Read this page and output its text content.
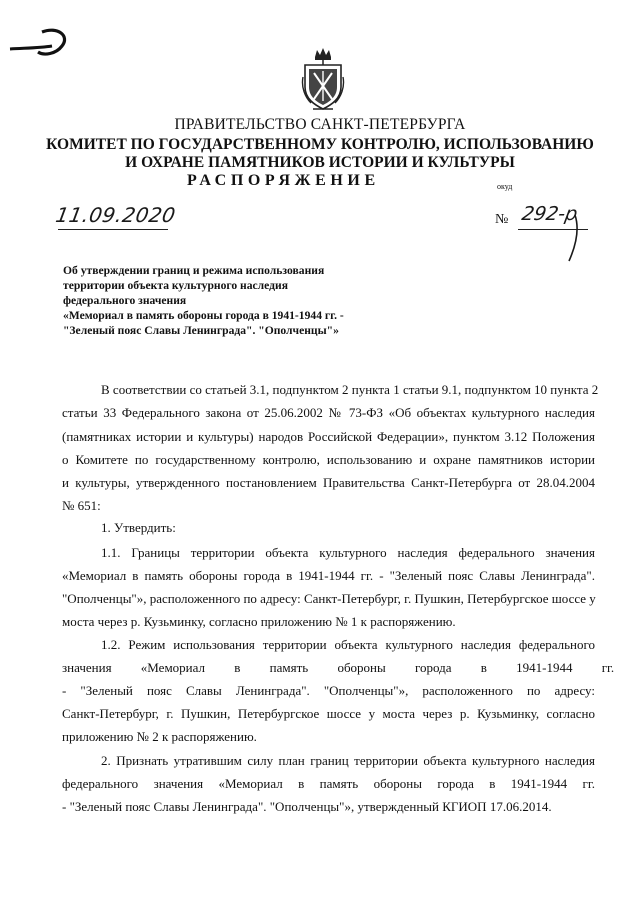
ПРАВИТЕЛЬСТВО САНКТ-ПЕТЕРБУРГА
КОМИТЕТ ПО ГОСУДАРСТВЕННОМУ КОНТРОЛЮ, ИСПОЛЬЗОВАНИЮ
И ОХРАНЕ ПАМЯТНИКОВ ИСТОРИИ И КУЛЬТУРЫ
РАСПОРЯЖЕНИЕ	окуд
11.09.2020	№ 292-р
Об утверждении границ и режима использования
территории объекта культурного наследия
федерального значения
«Мемориал в память обороны города в 1941-1944 гг. -
"Зеленый пояс Славы Ленинграда". "Ополченцы"»
В соответствии со статьей 3.1, подпунктом 2 пункта 1 статьи 9.1, подпунктом 10 пункта 2
статьи 33 Федерального закона от 25.06.2002 № 73-ФЗ «Об объектах культурного наследия
(памятниках истории и культуры) народов Российской Федерации», пунктом 3.12 Положения
о Комитете по государственному контролю, использованию и охране памятников истории
и культуры, утвержденного постановлением Правительства Санкт-Петербурга от 28.04.2004
№ 651:
1. Утвердить:
1.1. Границы территории объекта культурного наследия федерального значения
«Мемориал в память обороны города в 1941-1944 гг. - "Зеленый пояс Славы Ленинграда".
"Ополченцы"», расположенного по адресу: Санкт-Петербург, г. Пушкин, Петербургское шоссе у
моста через р. Кузьминку, согласно приложению № 1 к распоряжению.
1.2. Режим использования территории объекта культурного наследия федерального
значения «Мемориал в память обороны города в 1941-1944 гг.
- "Зеленый пояс Славы Ленинграда". "Ополченцы"», расположенного по адресу:
Санкт-Петербург, г. Пушкин, Петербургское шоссе у моста через р. Кузьминку, согласно
приложению № 2 к распоряжению.
2. Признать утратившим силу план границ территории объекта культурного наследия
федерального значения «Мемориал в память обороны города в 1941-1944 гг.
- "Зеленый пояс Славы Ленинграда". "Ополченцы"», утвержденный КГИОП 17.06.2014.
